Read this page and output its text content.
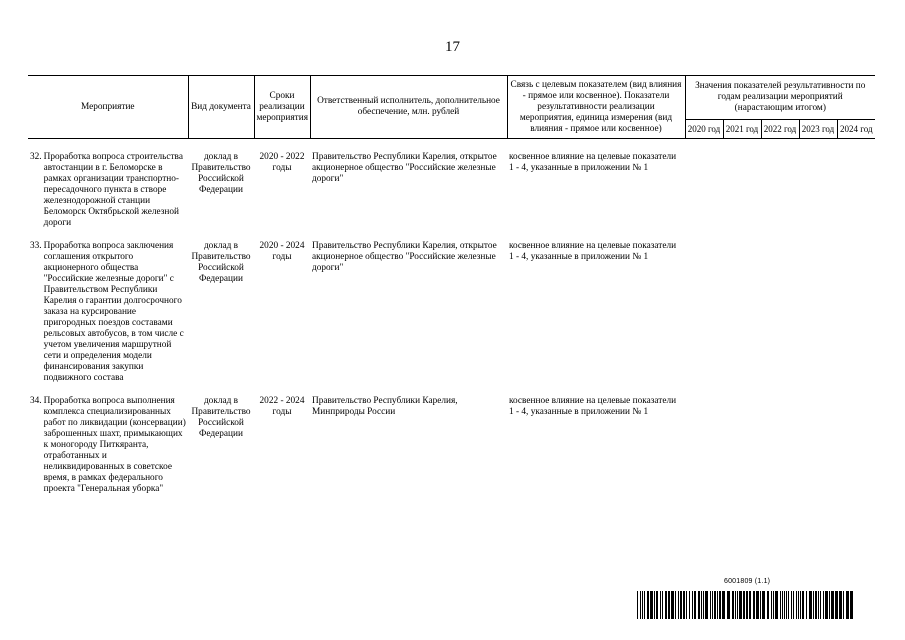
17
Мероприятие	Вид документа	Сроки реализации мероприятия	Ответственный исполнитель, дополнительное обеспечение, млн. рублей	Связь с целевым показателем (вид влияния - прямое или косвенное). Показатели результативности реализации мероприятия, единица измерения (вид влияния - прямое или косвенное)	Значения показателей результативности по годам реализации мероприятий (нарастающим итогом)				
					2020 год	2021 год	2022 год	2023 год	2024 год

32. Проработка вопроса строительства автостанции в г. Беломорске в рамках организации транспортно-пересадочного пункта в створе железнодорожной станции Беломорск Октябрьской железной дороги	доклад в Правительство Российской Федерации	2020 - 2022 годы	Правительство Республики Карелия, открытое акционерное общество "Российские железные дороги"	косвенное влияние на целевые показатели 1 - 4, указанные в приложении № 1					

33. Проработка вопроса заключения соглашения открытого акционерного общества "Российские железные дороги" с Правительством Республики Карелия о гарантии долгосрочного заказа на курсирование пригородных поездов составами рельсовых автобусов, в том числе с учетом увеличения маршрутной сети и определения модели финансирования закупки подвижного состава	доклад в Правительство Российской Федерации	2020 - 2024 годы	Правительство Республики Карелия, открытое акционерное общество "Российские железные дороги"	косвенное влияние на целевые показатели 1 - 4, указанные в приложении № 1					

34. Проработка вопроса выполнения комплекса специализированных работ по ликвидации (консервации) заброшенных шахт, примыкающих к моногороду Питкяранта, отработанных и неликвидированных в советское время, в рамках федерального проекта "Генеральная уборка"	доклад в Правительство Российской Федерации	2022 - 2024 годы	Правительство Республики Карелия, Минприроды России	косвенное влияние на целевые показатели 1 - 4, указанные в приложении № 1					
6001809 (1.1)
